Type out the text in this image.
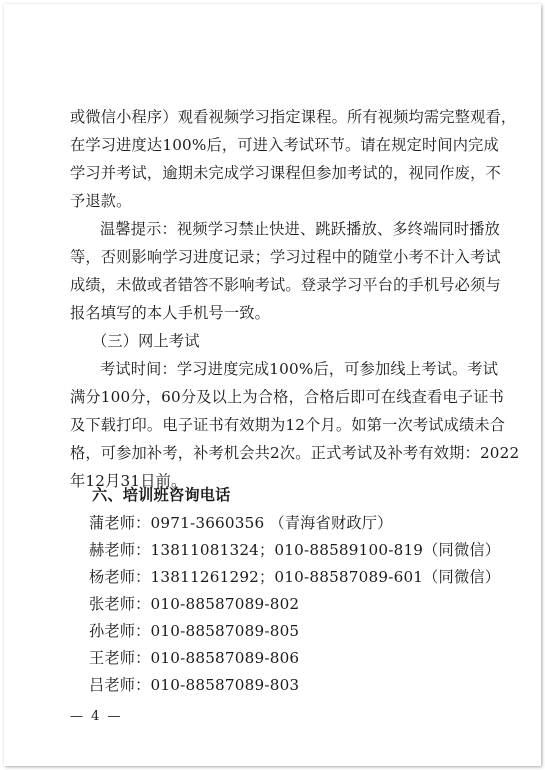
或微信小程序）观看视频学习指定课程。所有视频均需完整观看，
在学习进度达100%后，可进入考试环节。请在规定时间内完成
学习并考试，逾期未完成学习课程但参加考试的，视同作废，不
予退款。
温馨提示：视频学习禁止快进、跳跃播放、多终端同时播放
等，否则影响学习进度记录；学习过程中的随堂小考不计入考试
成绩，未做或者错答不影响考试。登录学习平台的手机号必须与
报名填写的本人手机号一致。
（三）网上考试
考试时间：学习进度完成100%后，可参加线上考试。考试
满分100分，60分及以上为合格，合格后即可在线查看电子证书
及下载打印。电子证书有效期为12个月。如第一次考试成绩未合
格，可参加补考，补考机会共2次。正式考试及补考有效期：2022
年12月31日前。
六、培训班咨询电话
蒲老师：0971-3660356 （青海省财政厅）
赫老师：13811081324；010-88589100-819（同微信）
杨老师：13811261292；010-88587089-601（同微信）
张老师：010-88587089-802
孙老师：010-88587089-805
王老师：010-88587089-806
吕老师：010-88587089-803
— 4 —
